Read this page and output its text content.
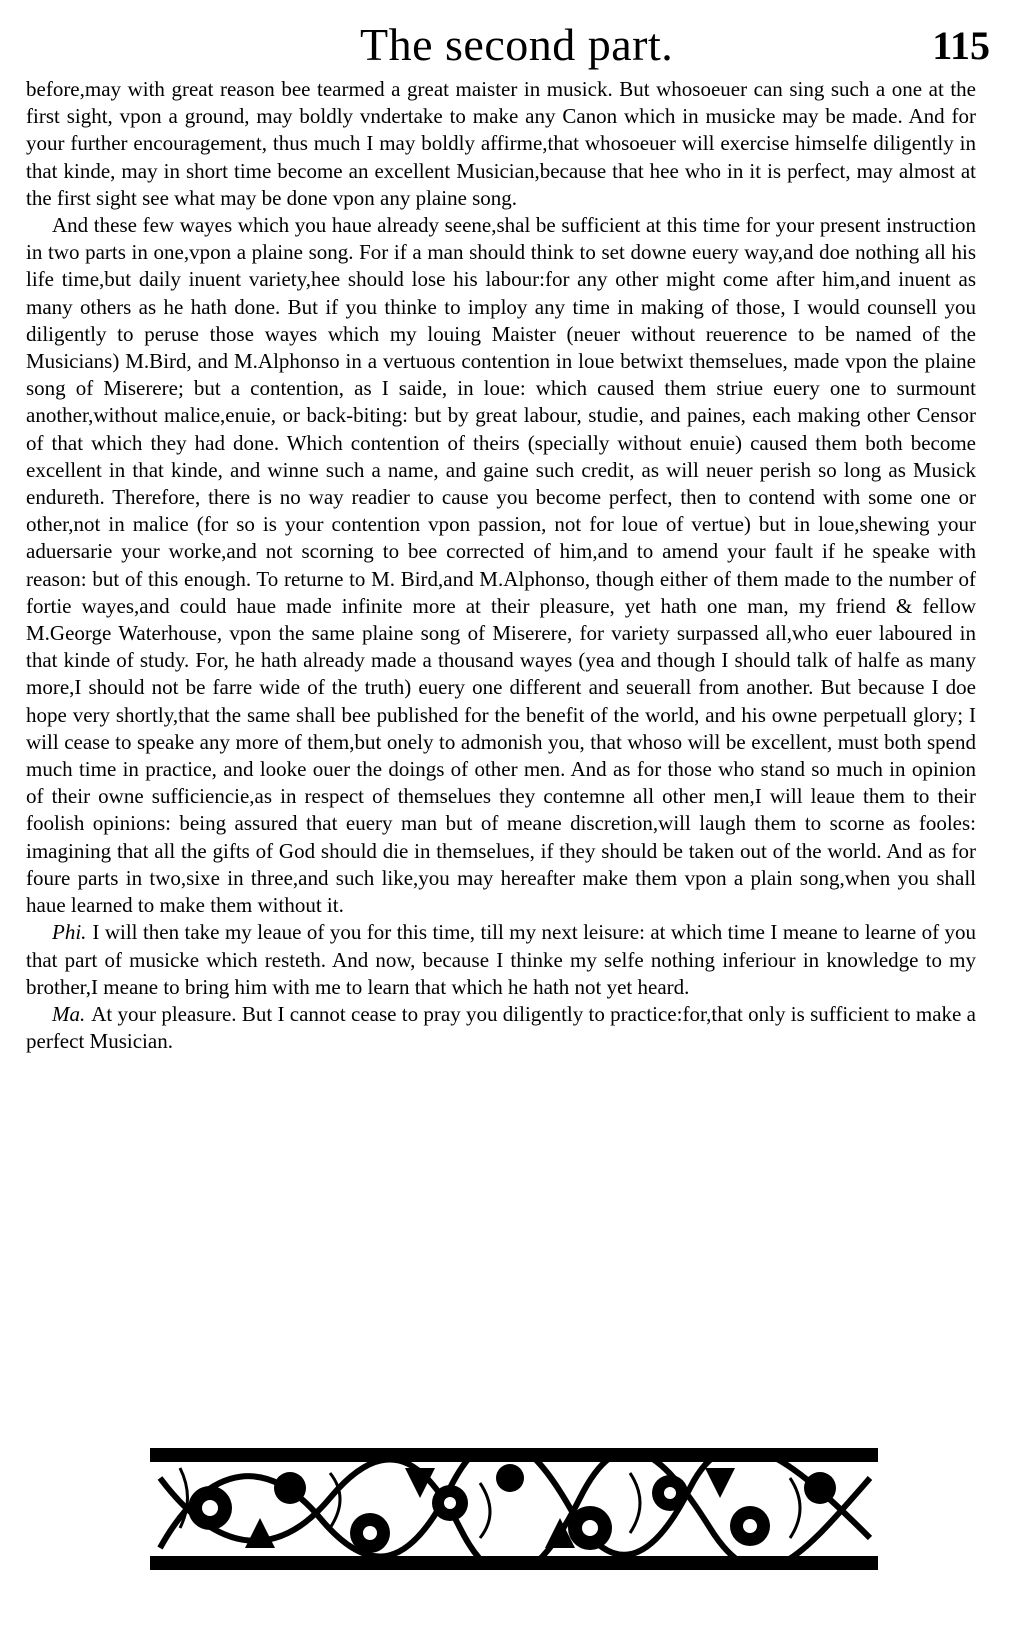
The second part.	115

before,may with great reason bee tearmed a great maister in musick. But whosoeuer can sing such a one at the first sight, vpon a ground, may boldly vndertake to make any Canon which in musicke may be made. And for your further encouragement, thus much I may boldly affirme,that whosoeuer will exercise himselfe diligently in that kinde, may in short time become an excellent Musician,because that hee who in it is perfect, may almost at the first sight see what may be done vpon any plaine song.

And these few wayes which you haue already seene,shal be sufficient at this time for your present instruction in two parts in one,vpon a plaine song. For if a man should think to set downe euery way,and doe nothing all his life time,but daily inuent variety,hee should lose his labour:for any other might come after him,and inuent as many others as he hath done. But if you thinke to imploy any time in making of those, I would counsell you diligently to peruse those wayes which my louing Maister (neuer without reuerence to be named of the Musicians) M.Bird, and M.Alphonso in a vertuous contention in loue betwixt themselues, made vpon the plaine song of Miserere; but a contention, as I saide, in loue: which caused them striue euery one to surmount another,without malice,enuie, or back-biting: but by great labour, studie, and paines, each making other Censor of that which they had done. Which contention of theirs (specially without enuie) caused them both become excellent in that kinde, and winne such a name, and gaine such credit, as will neuer perish so long as Musick endureth. Therefore, there is no way readier to cause you become perfect, then to contend with some one or other,not in malice (for so is your contention vpon passion, not for loue of vertue) but in loue,shewing your aduersarie your worke,and not scorning to bee corrected of him,and to amend your fault if he speake with reason: but of this enough. To returne to M. Bird,and M.Alphonso, though either of them made to the number of fortie wayes,and could haue made infinite more at their pleasure, yet hath one man, my friend & fellow M.George Waterhouse, vpon the same plaine song of Miserere, for variety surpassed all,who euer laboured in that kinde of study. For, he hath already made a thousand wayes (yea and though I should talk of halfe as many more,I should not be farre wide of the truth) euery one different and seuerall from another. But because I doe hope very shortly,that the same shall bee published for the benefit of the world, and his owne perpetuall glory; I will cease to speake any more of them,but onely to admonish you, that whoso will be excellent, must both spend much time in practice, and looke ouer the doings of other men. And as for those who stand so much in opinion of their owne sufficiencie,as in respect of themselues they contemne all other men,I will leaue them to their foolish opinions: being assured that euery man but of meane discretion,will laugh them to scorne as fooles: imagining that all the gifts of God should die in themselues, if they should be taken out of the world. And as for foure parts in two,sixe in three,and such like,you may hereafter make them vpon a plain song,when you shall haue learned to make them without it.

Phi. I will then take my leaue of you for this time, till my next leisure: at which time I meane to learne of you that part of musicke which resteth. And now, because I thinke my selfe nothing inferiour in knowledge to my brother,I meane to bring him with me to learn that which he hath not yet heard.

Ma. At your pleasure. But I cannot cease to pray you diligently to practice:for,that only is sufficient to make a perfect Musician.
